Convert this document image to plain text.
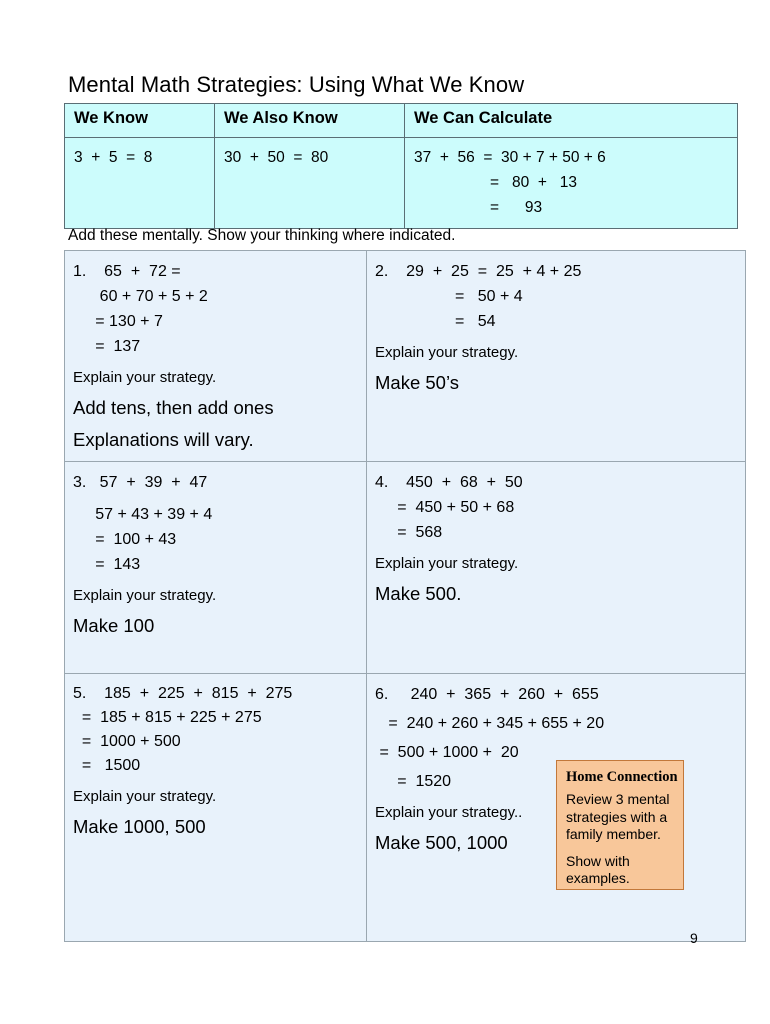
Mental Math Strategies: Using What We Know
We Know	We Also Know	We Can Calculate

3  +  5  =  8	30  +  50  =  80	37  +  56  =  30 + 7 + 50 + 6
=   80  +   13
=      93
Add these mentally. Show your thinking where indicated.
1.    65  +  72 =
60 + 70 + 5 + 2
= 130 + 7
=  137
Explain your strategy.
Add tens, then add ones
Explanations will vary.

2.    29  +  25  =  25  + 4 + 25
=   50 + 4
=   54
Explain your strategy.
Make 50’s

3.   57  +  39  +  47
57 + 43 + 39 + 4
=  100 + 43
=  143
Explain your strategy.
Make 100

4.    450  +  68  +  50
=  450 + 50 + 68
=  568
Explain your strategy.
Make 500.

5.    185  +  225  +  815  +  275
=  185 + 815 + 225 + 275
=  1000 + 500
=   1500
Explain your strategy.
Make 1000, 500

6.     240  +  365  +  260  +  655
=  240 + 260 + 345 + 655 + 20
=  500 + 1000 +  20
=  1520
Explain your strategy..
Make 500, 1000
Home Connection
Review 3 mental strategies with a family member.
Show with examples.
9
